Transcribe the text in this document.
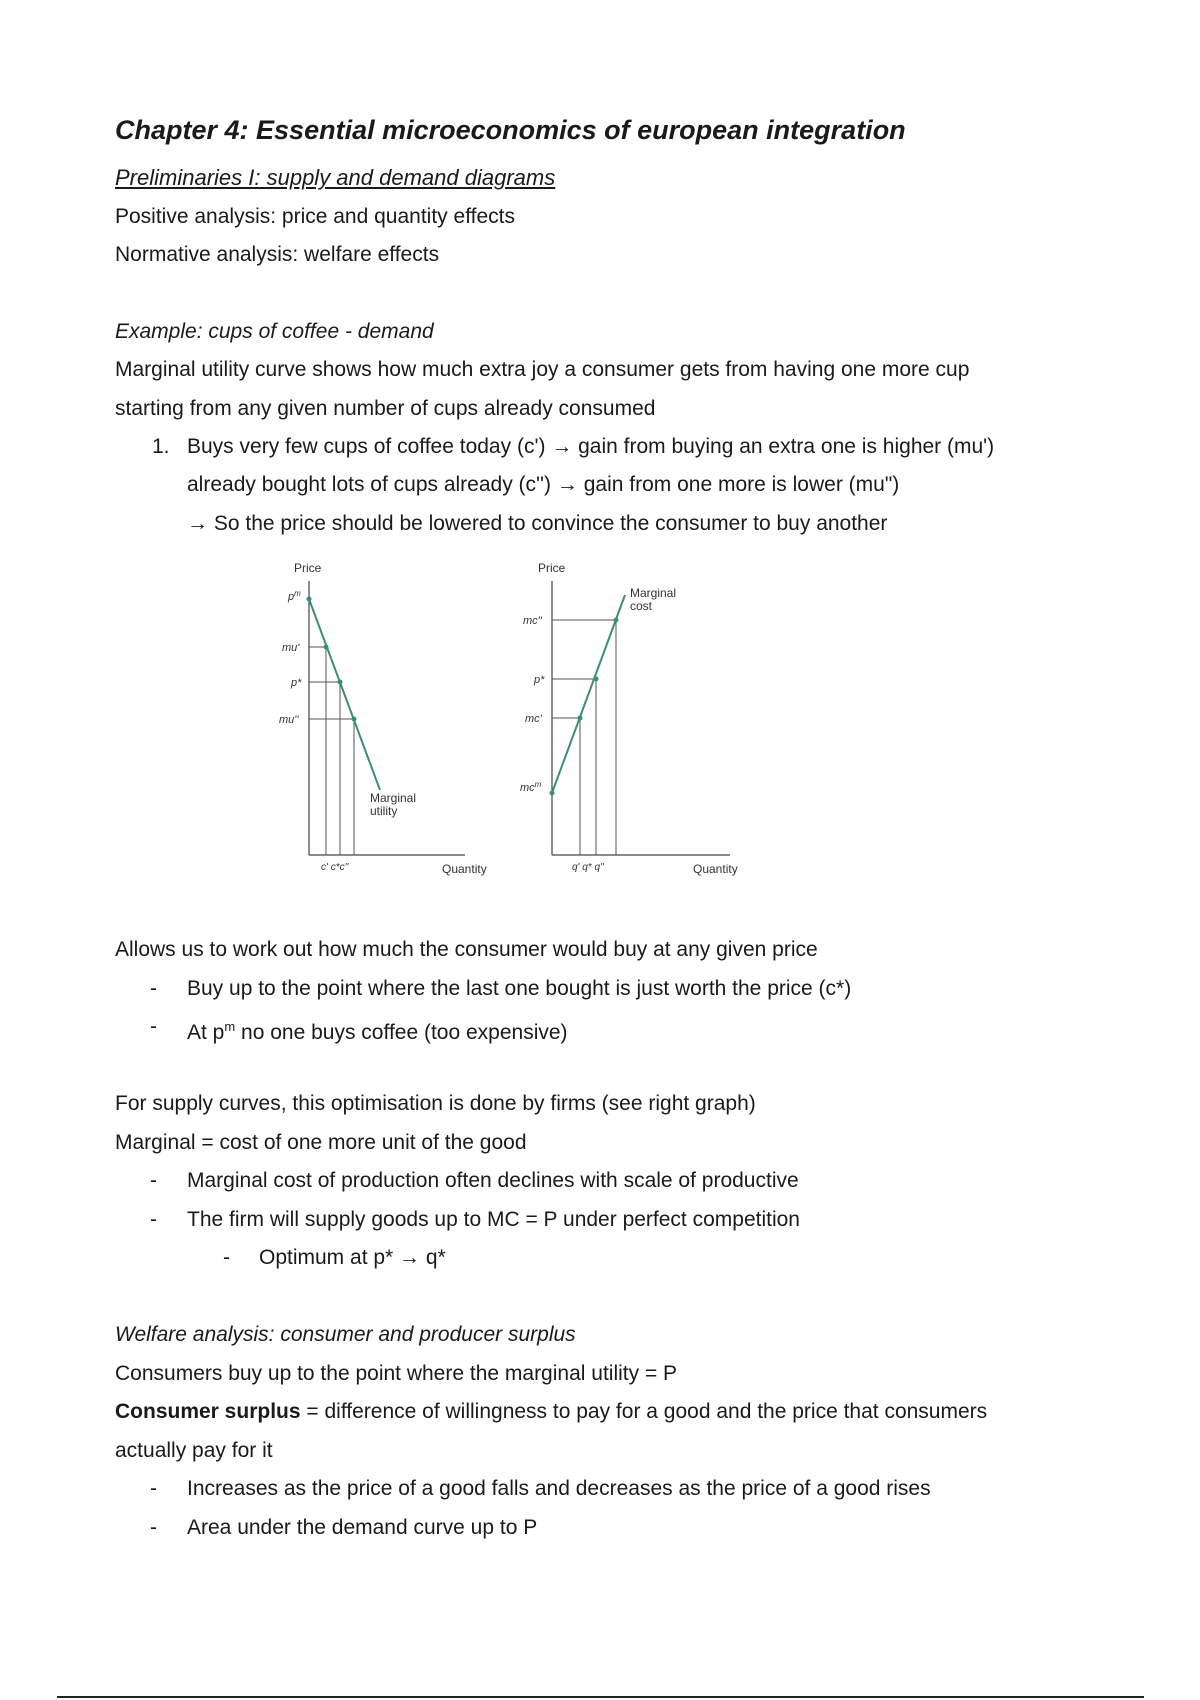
Chapter 4: Essential microeconomics of european integration
Preliminaries I: supply and demand diagrams
Positive analysis: price and quantity effects
Normative analysis: welfare effects
Example: cups of coffee - demand
Marginal utility curve shows how much extra joy a consumer gets from having one more cup
starting from any given number of cups already consumed
1. Buys very few cups of coffee today (c') → gain from buying an extra one is higher (mu')
already bought lots of cups already (c'') → gain from one more is lower (mu")
→ So the price should be lowered to convince the consumer to buy another
Price
Quantity
$p^m$
mu'
p*
mu''
c' c*c''
Marginal
utility
Price
Quantity
mc''
p*
mc'
$mc^m$
q' q* q''
Marginal
cost
Allows us to work out how much the consumer would buy at any given price
- Buy up to the point where the last one bought is just worth the price (c*)
- At $p^m$ no one buys coffee (too expensive)
For supply curves, this optimisation is done by firms (see right graph)
Marginal = cost of one more unit of the good
- Marginal cost of production often declines with scale of productive
- The firm will supply goods up to MC = P under perfect competition
- Optimum at p* → q*
Welfare analysis: consumer and producer surplus
Consumers buy up to the point where the marginal utility = P
Consumer surplus = difference of willingness to pay for a good and the price that consumers
actually pay for it
- Increases as the price of a good falls and decreases as the price of a good rises
- Area under the demand curve up to P
